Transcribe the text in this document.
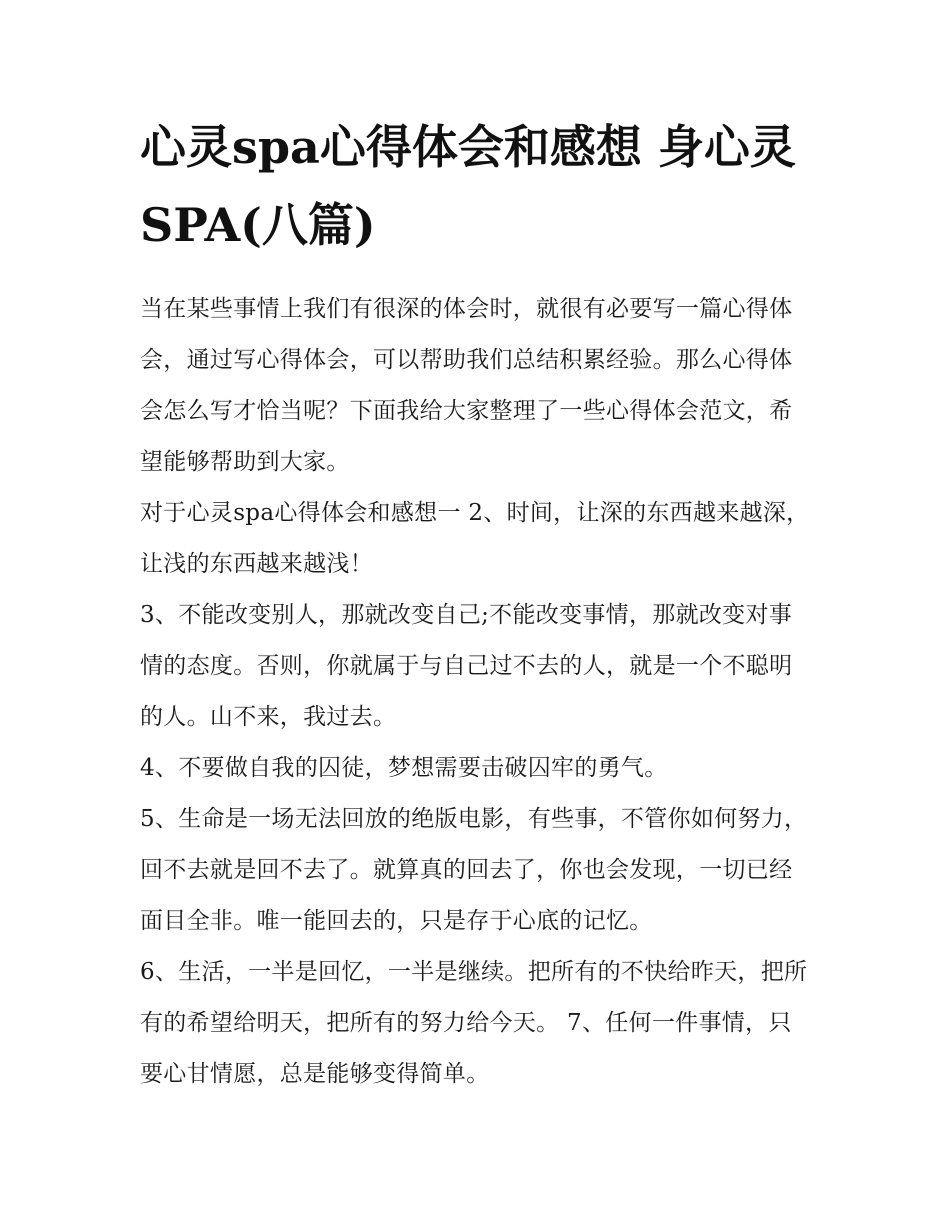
心灵spa心得体会和感想 身心灵SPA(八篇)

当在某些事情上我们有很深的体会时，就很有必要写一篇心得体会，通过写心得体会，可以帮助我们总结积累经验。那么心得体会怎么写才恰当呢？下面我给大家整理了一些心得体会范文，希望能够帮助到大家。

对于心灵spa心得体会和感想一 2、时间，让深的东西越来越深，让浅的东西越来越浅！

3、不能改变别人，那就改变自己;不能改变事情，那就改变对事情的态度。否则，你就属于与自己过不去的人，就是一个不聪明的人。山不来，我过去。

4、不要做自我的囚徒，梦想需要击破囚牢的勇气。

5、生命是一场无法回放的绝版电影，有些事，不管你如何努力，回不去就是回不去了。就算真的回去了，你也会发现，一切已经面目全非。唯一能回去的，只是存于心底的记忆。

6、生活，一半是回忆，一半是继续。把所有的不快给昨天，把所有的希望给明天，把所有的努力给今天。 7、任何一件事情，只要心甘情愿，总是能够变得简单。
